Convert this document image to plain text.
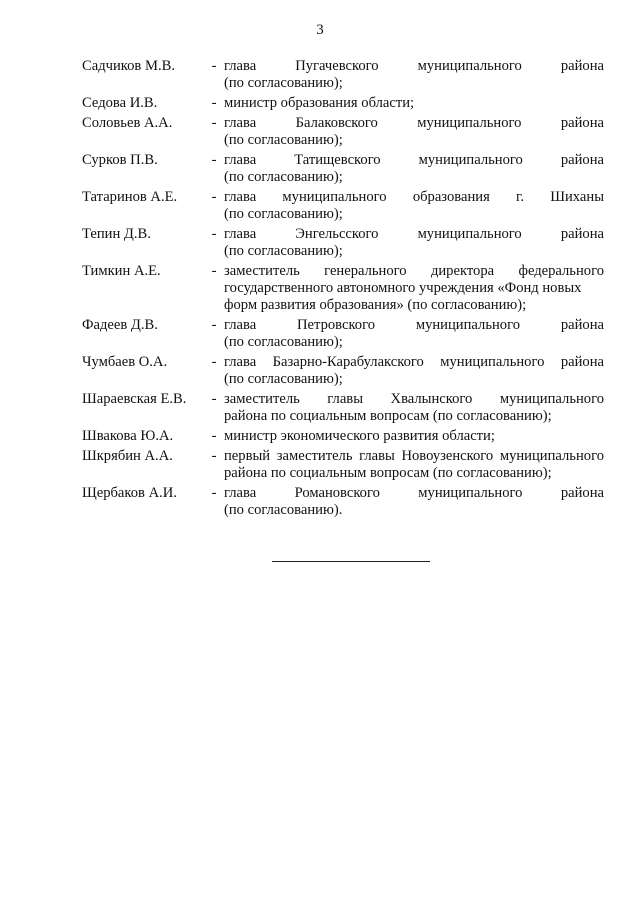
3
Садчиков М.В.	- глава Пугачевского муниципального района
(по согласованию);
Седова И.В.	- министр образования области;
Соловьев А.А.	- глава Балаковского муниципального района
(по согласованию);
Сурков П.В.	- глава Татищевского муниципального района
(по согласованию);
Татаринов А.Е.	- глава муниципального образования г. Шиханы
(по согласованию);
Тепин Д.В.	- глава Энгельсского муниципального района
(по согласованию);
Тимкин А.Е.	- заместитель генерального директора федерального
государственного автономного учреждения «Фонд новых
форм развития образования» (по согласованию);
Фадеев Д.В.	- глава Петровского муниципального района
(по согласованию);
Чумбаев О.А.	- глава Базарно-Карабулакского муниципального района
(по согласованию);
Шараевская Е.В.	- заместитель главы Хвалынского муниципального
района по социальным вопросам (по согласованию);
Швакова Ю.А.	- министр экономического развития области;
Шкрябин А.А.	- первый заместитель главы Новоузенского муниципального
района по социальным вопросам (по согласованию);
Щербаков А.И.	- глава Романовского муниципального района
(по согласованию).
